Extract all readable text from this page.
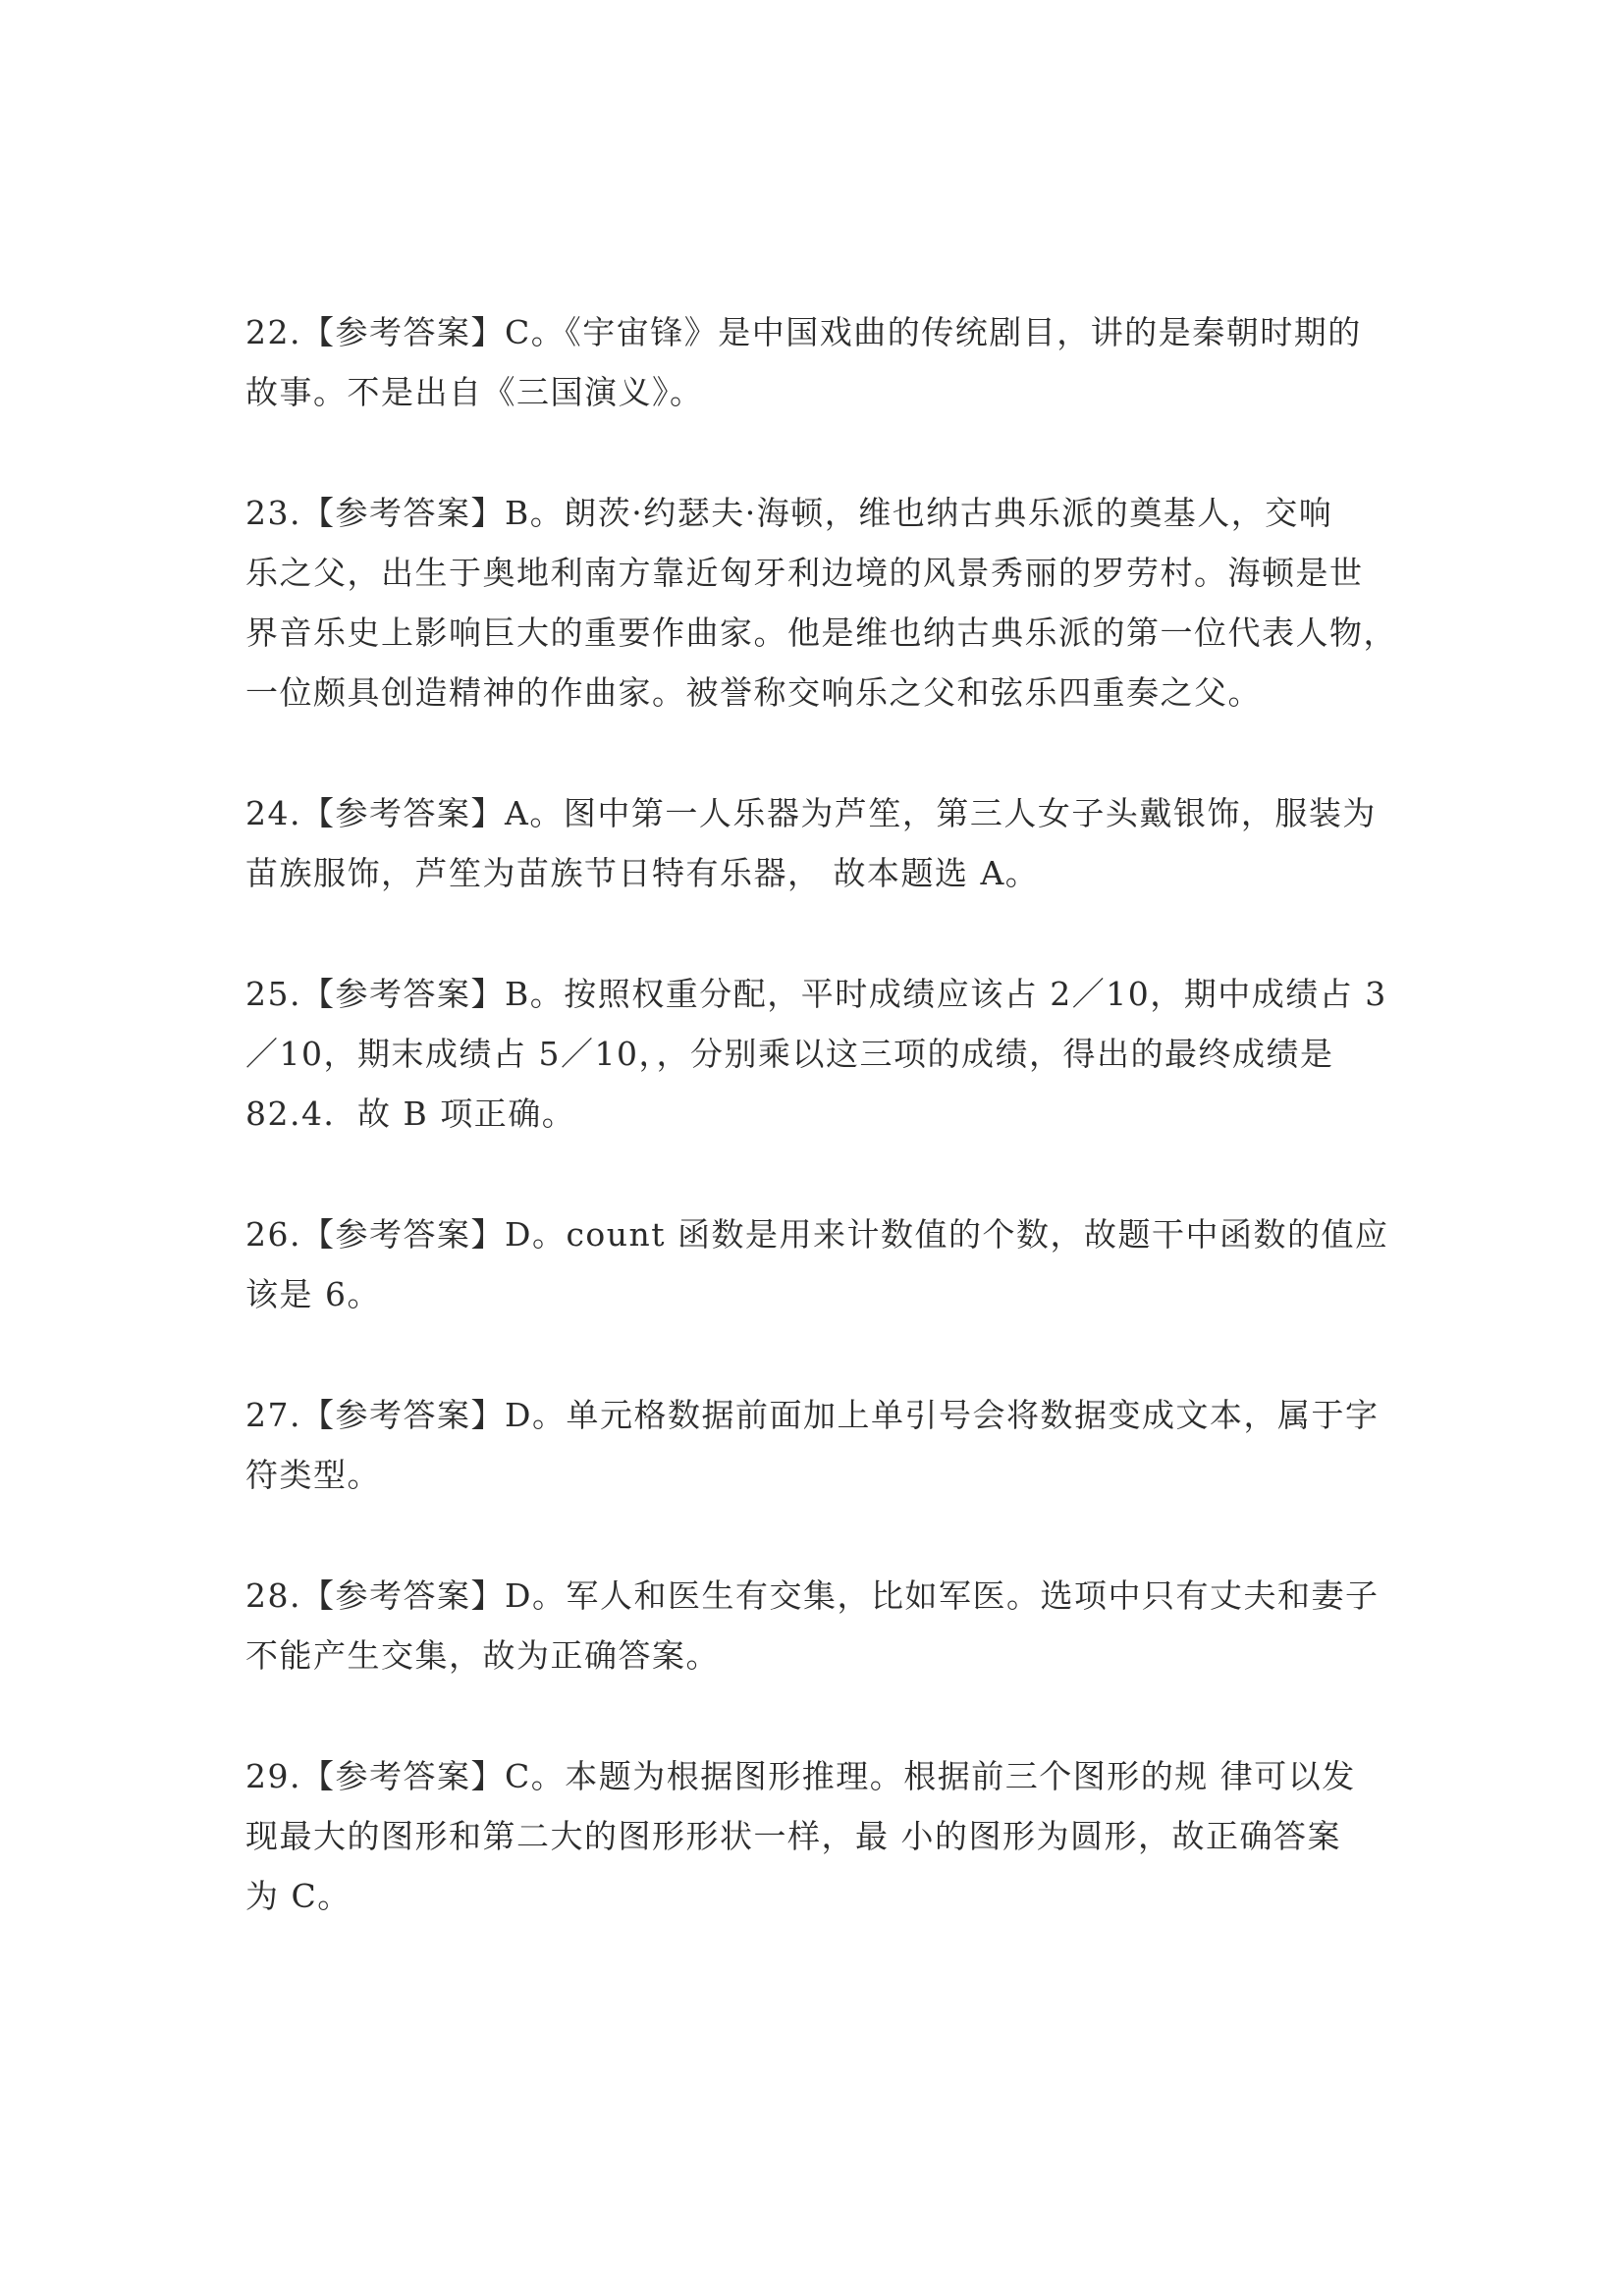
22.【参考答案】C。《宇宙锋》是中国戏曲的传统剧目，讲的是秦朝时期的
故事。不是出自《三国演义》。
23.【参考答案】B。朗茨·约瑟夫·海顿，维也纳古典乐派的奠基人，交响
乐之父，出生于奥地利南方靠近匈牙利边境的风景秀丽的罗劳村。海顿是世
界音乐史上影响巨大的重要作曲家。他是维也纳古典乐派的第一位代表人物，
一位颇具创造精神的作曲家。被誉称交响乐之父和弦乐四重奏之父。
24.【参考答案】A。图中第一人乐器为芦笙，第三人女子头戴银饰，服装为
苗族服饰，芦笙为苗族节日特有乐器， 故本题选 A。
25.【参考答案】B。按照权重分配，平时成绩应该占 2／10，期中成绩占 3
／10，期末成绩占 5／10，，分别乘以这三项的成绩，得出的最终成绩是
82.4．故 B 项正确。
26.【参考答案】D。count 函数是用来计数值的个数，故题干中函数的值应
该是 6。
27.【参考答案】D。单元格数据前面加上单引号会将数据变成文本，属于字
符类型。
28.【参考答案】D。军人和医生有交集，比如军医。选项中只有丈夫和妻子
不能产生交集，故为正确答案。
29.【参考答案】C。本题为根据图形推理。根据前三个图形的规 律可以发
现最大的图形和第二大的图形形状一样，最 小的图形为圆形，故正确答案
为 C。
